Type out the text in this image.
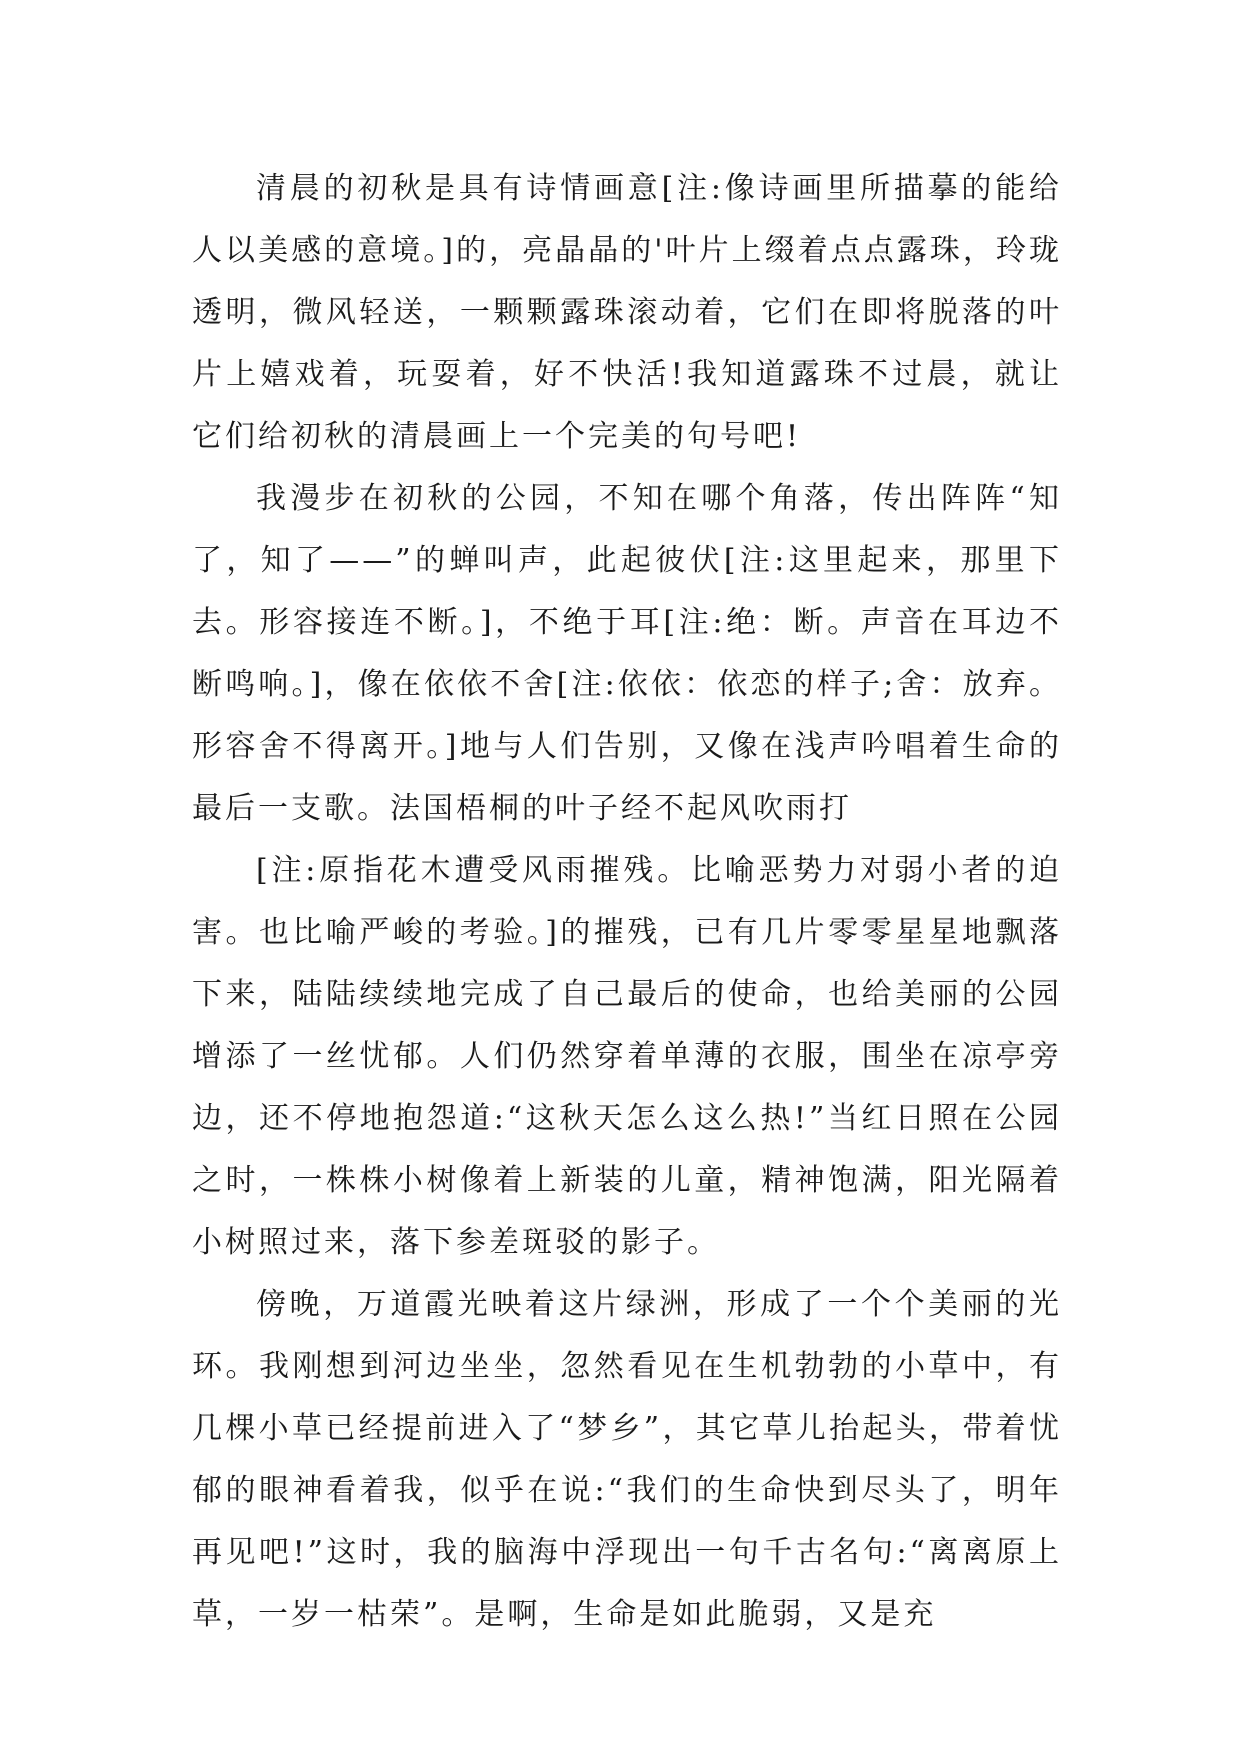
清晨的初秋是具有诗情画意[注:像诗画里所描摹的能给人以美感的意境。]的，亮晶晶的'叶片上缀着点点露珠，玲珑透明，微风轻送，一颗颗露珠滚动着，它们在即将脱落的叶片上嬉戏着，玩耍着，好不快活!我知道露珠不过晨，就让它们给初秋的清晨画上一个完美的句号吧!

我漫步在初秋的公园，不知在哪个角落，传出阵阵“知了，知了——”的蝉叫声，此起彼伏[注:这里起来，那里下去。形容接连不断。]，不绝于耳[注:绝：断。声音在耳边不断鸣响。]，像在依依不舍[注:依依：依恋的样子;舍：放弃。形容舍不得离开。]地与人们告别，又像在浅声吟唱着生命的最后一支歌。法国梧桐的叶子经不起风吹雨打

[注:原指花木遭受风雨摧残。比喻恶势力对弱小者的迫害。也比喻严峻的考验。]的摧残，已有几片零零星星地飘落下来，陆陆续续地完成了自己最后的使命，也给美丽的公园增添了一丝忧郁。人们仍然穿着单薄的衣服，围坐在凉亭旁边，还不停地抱怨道:“这秋天怎么这么热!”当红日照在公园之时，一株株小树像着上新装的儿童，精神饱满，阳光隔着小树照过来，落下参差斑驳的影子。

傍晚，万道霞光映着这片绿洲，形成了一个个美丽的光环。我刚想到河边坐坐，忽然看见在生机勃勃的小草中，有几棵小草已经提前进入了“梦乡”，其它草儿抬起头，带着忧郁的眼神看着我，似乎在说:“我们的生命快到尽头了，明年再见吧!”这时，我的脑海中浮现出一句千古名句:“离离原上草，一岁一枯荣”。是啊，生命是如此脆弱，又是充
